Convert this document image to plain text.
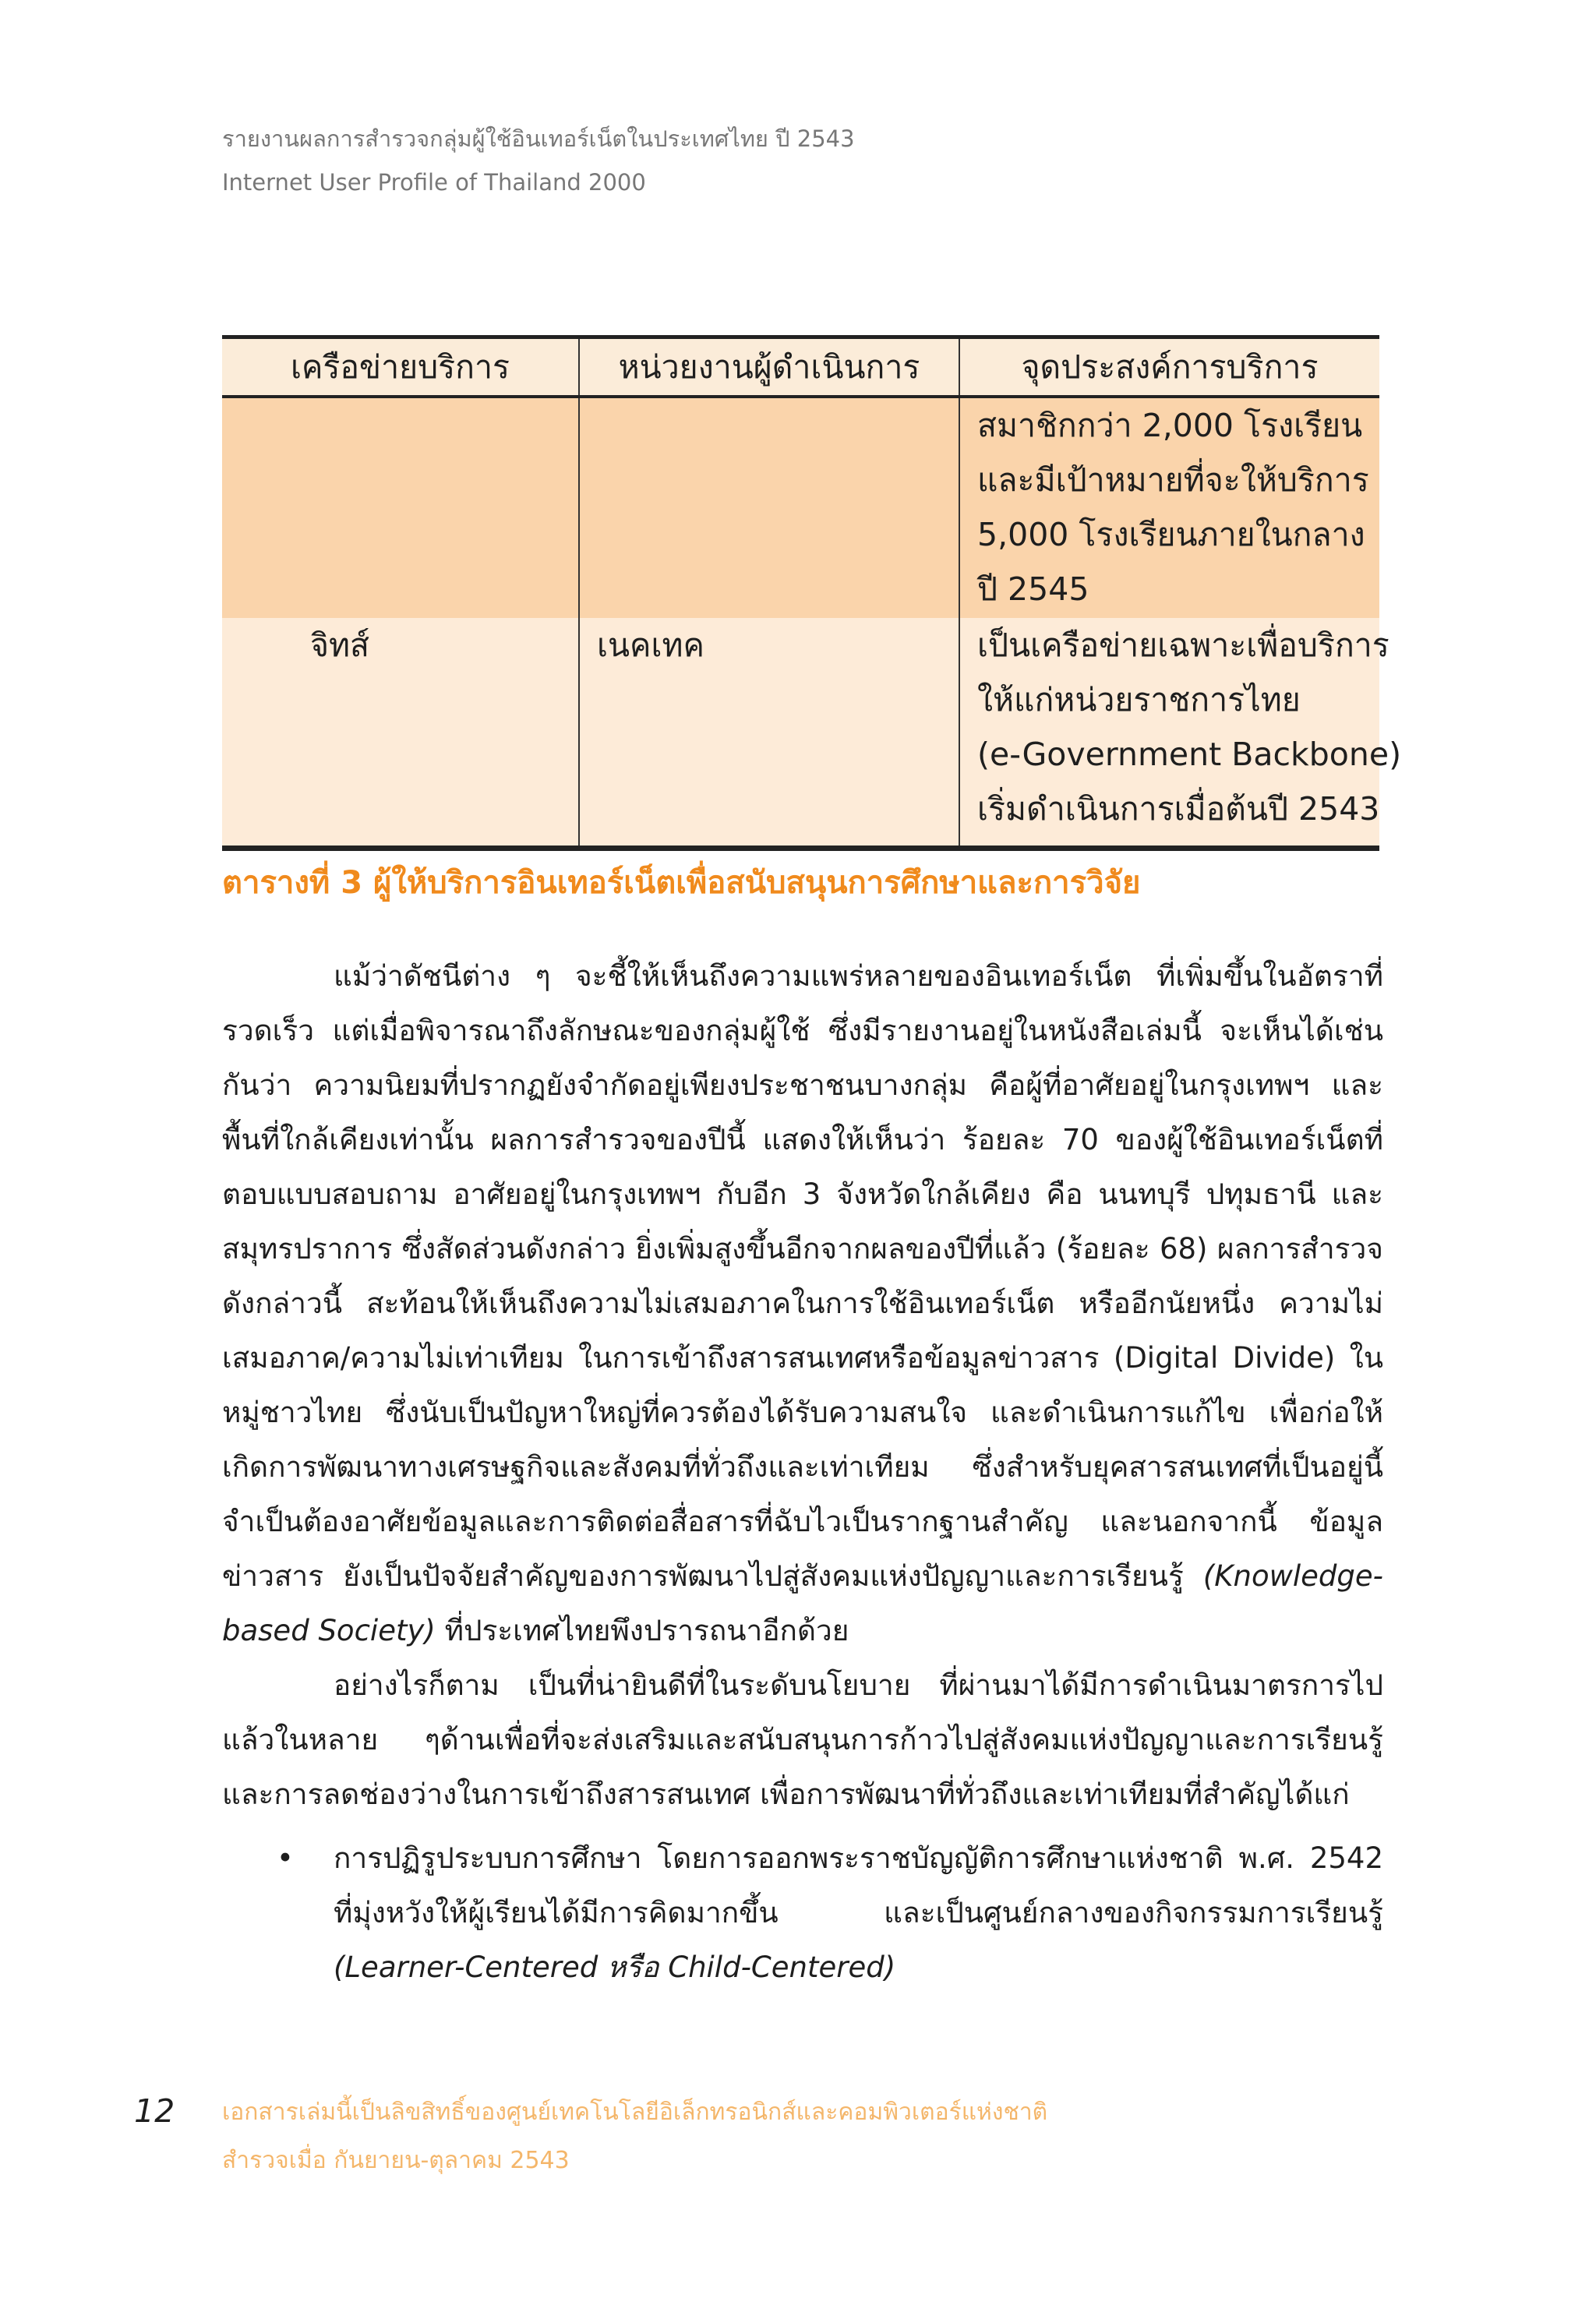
รายงานผลการสำรวจกลุ่มผู้ใช้อินเทอร์เน็ตในประเทศไทย ปี 2543
Internet User Profile of Thailand 2000
เครือข่ายบริการ	หน่วยงานผู้ดำเนินการ	จุดประสงค์การบริการ

		สมาชิกกว่า 2,000 โรงเรียน
และมีเป้าหมายที่จะให้บริการ
5,000 โรงเรียนภายในกลาง
ปี 2545

จิทส์	เนคเทค	เป็นเครือข่ายเฉพาะเพื่อบริการ
ให้แก่หน่วยราชการไทย
(e-Government Backbone)
เริ่มดำเนินการเมื่อต้นปี 2543
ตารางที่ 3 ผู้ให้บริการอินเทอร์เน็ตเพื่อสนับสนุนการศึกษาและการวิจัย

แม้ว่าดัชนีต่าง ๆ จะชี้ให้เห็นถึงความแพร่หลายของอินเทอร์เน็ต ที่เพิ่มขึ้นในอัตราที่รวดเร็ว แต่เมื่อพิจารณาถึงลักษณะของกลุ่มผู้ใช้ ซึ่งมีรายงานอยู่ในหนังสือเล่มนี้ จะเห็นได้เช่นกันว่า ความนิยมที่ปรากฏยังจำกัดอยู่เพียงประชาชนบางกลุ่ม คือผู้ที่อาศัยอยู่ในกรุงเทพฯ และพื้นที่ใกล้เคียงเท่านั้น ผลการสำรวจของปีนี้ แสดงให้เห็นว่า ร้อยละ 70 ของผู้ใช้อินเทอร์เน็ตที่ตอบแบบสอบถาม อาศัยอยู่ในกรุงเทพฯ กับอีก 3 จังหวัดใกล้เคียง คือ นนทบุรี ปทุมธานี และสมุทรปราการ ซึ่งสัดส่วนดังกล่าว ยิ่งเพิ่มสูงขึ้นอีกจากผลของปีที่แล้ว (ร้อยละ 68) ผลการสำรวจดังกล่าวนี้ สะท้อนให้เห็นถึงความไม่เสมอภาคในการใช้อินเทอร์เน็ต หรืออีกนัยหนึ่ง ความไม่เสมอภาค/ความไม่เท่าเทียม ในการเข้าถึงสารสนเทศหรือข้อมูลข่าวสาร (Digital Divide) ในหมู่ชาวไทย ซึ่งนับเป็นปัญหาใหญ่ที่ควรต้องได้รับความสนใจ และดำเนินการแก้ไข เพื่อก่อให้เกิดการพัฒนาทางเศรษฐกิจและสังคมที่ทั่วถึงและเท่าเทียม ซึ่งสำหรับยุคสารสนเทศที่เป็นอยู่นี้ จำเป็นต้องอาศัยข้อมูลและการติดต่อสื่อสารที่ฉับไวเป็นรากฐานสำคัญ และนอกจากนี้ ข้อมูลข่าวสาร ยังเป็นปัจจัยสำคัญของการพัฒนาไปสู่สังคมแห่งปัญญาและการเรียนรู้ (Knowledge-based Society) ที่ประเทศไทยพึงปรารถนาอีกด้วย

อย่างไรก็ตาม เป็นที่น่ายินดีที่ในระดับนโยบาย ที่ผ่านมาได้มีการดำเนินมาตรการไปแล้วในหลาย ๆด้านเพื่อที่จะส่งเสริมและสนับสนุนการก้าวไปสู่สังคมแห่งปัญญาและการเรียนรู้ และการลดช่องว่างในการเข้าถึงสารสนเทศ เพื่อการพัฒนาที่ทั่วถึงและเท่าเทียมที่สำคัญได้แก่

• การปฏิรูประบบการศึกษา โดยการออกพระราชบัญญัติการศึกษาแห่งชาติ พ.ศ. 2542 ที่มุ่งหวังให้ผู้เรียนได้มีการคิดมากขึ้น และเป็นศูนย์กลางของกิจกรรมการเรียนรู้ (Learner-Centered หรือ Child-Centered)
12 เอกสารเล่มนี้เป็นลิขสิทธิ์ของศูนย์เทคโนโลยีอิเล็กทรอนิกส์และคอมพิวเตอร์แห่งชาติ
สำรวจเมื่อ กันยายน-ตุลาคม 2543
